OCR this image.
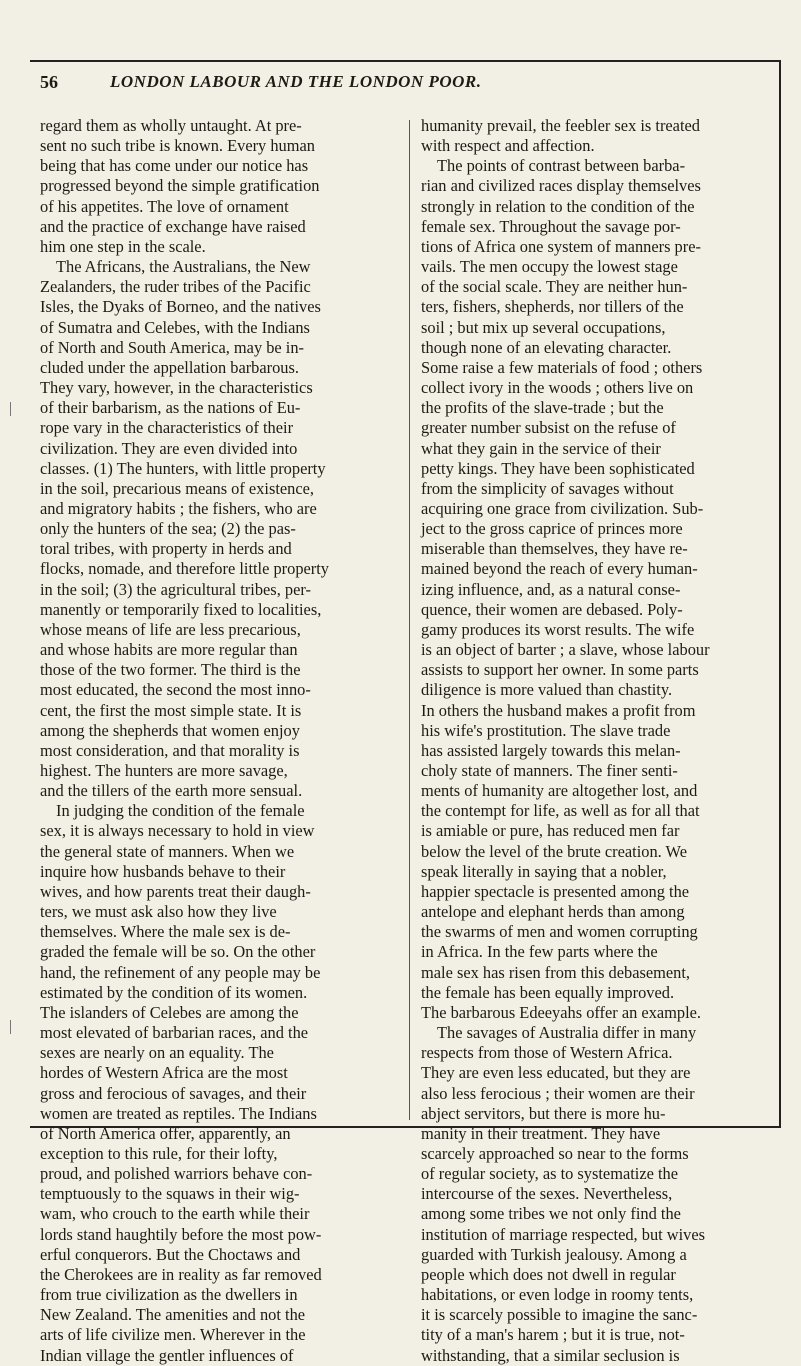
56	LONDON LABOUR AND THE LONDON POOR.
regard them as wholly untaught. At pre-
sent no such tribe is known. Every human
being that has come under our notice has
progressed beyond the simple gratification
of his appetites. The love of ornament
and the practice of exchange have raised
him one step in the scale.
The Africans, the Australians, the New
Zealanders, the ruder tribes of the Pacific
Isles, the Dyaks of Borneo, and the natives
of Sumatra and Celebes, with the Indians
of North and South America, may be in-
cluded under the appellation barbarous.
They vary, however, in the characteristics
of their barbarism, as the nations of Eu-
rope vary in the characteristics of their
civilization. They are even divided into
classes. (1) The hunters, with little property
in the soil, precarious means of existence,
and migratory habits ; the fishers, who are
only the hunters of the sea; (2) the pas-
toral tribes, with property in herds and
flocks, nomade, and therefore little property
in the soil; (3) the agricultural tribes, per-
manently or temporarily fixed to localities,
whose means of life are less precarious,
and whose habits are more regular than
those of the two former. The third is the
most educated, the second the most inno-
cent, the first the most simple state. It is
among the shepherds that women enjoy
most consideration, and that morality is
highest. The hunters are more savage,
and the tillers of the earth more sensual.
In judging the condition of the female
sex, it is always necessary to hold in view
the general state of manners. When we
inquire how husbands behave to their
wives, and how parents treat their daugh-
ters, we must ask also how they live
themselves. Where the male sex is de-
graded the female will be so. On the other
hand, the refinement of any people may be
estimated by the condition of its women.
The islanders of Celebes are among the
most elevated of barbarian races, and the
sexes are nearly on an equality. The
hordes of Western Africa are the most
gross and ferocious of savages, and their
women are treated as reptiles. The Indians
of North America offer, apparently, an
exception to this rule, for their lofty,
proud, and polished warriors behave con-
temptuously to the squaws in their wig-
wam, who crouch to the earth while their
lords stand haughtily before the most pow-
erful conquerors. But the Choctaws and
the Cherokees are in reality as far removed
from true civilization as the dwellers in
New Zealand. The amenities and not the
arts of life civilize men. Wherever in the
Indian village the gentler influences of
humanity prevail, the feebler sex is treated
with respect and affection.
The points of contrast between barba-
rian and civilized races display themselves
strongly in relation to the condition of the
female sex. Throughout the savage por-
tions of Africa one system of manners pre-
vails. The men occupy the lowest stage
of the social scale. They are neither hun-
ters, fishers, shepherds, nor tillers of the
soil ; but mix up several occupations,
though none of an elevating character.
Some raise a few materials of food ; others
collect ivory in the woods ; others live on
the profits of the slave-trade ; but the
greater number subsist on the refuse of
what they gain in the service of their
petty kings. They have been sophisticated
from the simplicity of savages without
acquiring one grace from civilization. Sub-
ject to the gross caprice of princes more
miserable than themselves, they have re-
mained beyond the reach of every human-
izing influence, and, as a natural conse-
quence, their women are debased. Poly-
gamy produces its worst results. The wife
is an object of barter ; a slave, whose labour
assists to support her owner. In some parts
diligence is more valued than chastity.
In others the husband makes a profit from
his wife's prostitution. The slave trade
has assisted largely towards this melan-
choly state of manners. The finer senti-
ments of humanity are altogether lost, and
the contempt for life, as well as for all that
is amiable or pure, has reduced men far
below the level of the brute creation. We
speak literally in saying that a nobler,
happier spectacle is presented among the
antelope and elephant herds than among
the swarms of men and women corrupting
in Africa. In the few parts where the
male sex has risen from this debasement,
the female has been equally improved.
The barbarous Edeeyahs offer an example.
The savages of Australia differ in many
respects from those of Western Africa.
They are even less educated, but they are
also less ferocious ; their women are their
abject servitors, but there is more hu-
manity in their treatment. They have
scarcely approached so near to the forms
of regular society, as to systematize the
intercourse of the sexes. Nevertheless,
among some tribes we not only find the
institution of marriage respected, but wives
guarded with Turkish jealousy. Among a
people which does not dwell in regular
habitations, or even lodge in roomy tents,
it is scarcely possible to imagine the sanc-
tity of a man's harem ; but it is true, not-
withstanding, that a similar seclusion is
